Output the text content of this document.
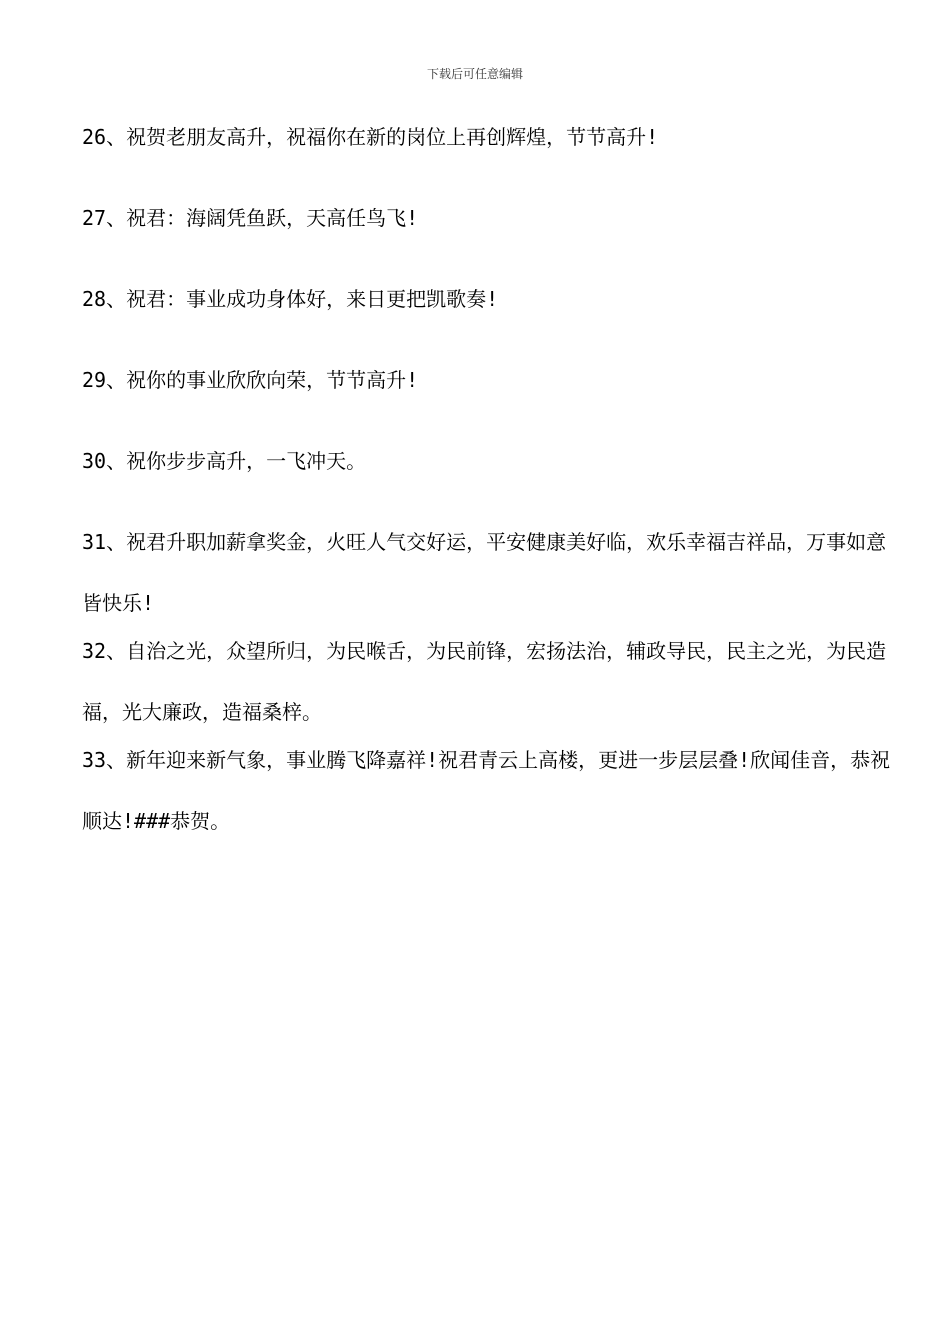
下载后可任意编辑

26、祝贺老朋友高升，祝福你在新的岗位上再创辉煌，节节高升!

27、祝君：海阔凭鱼跃，天高任鸟飞!

28、祝君：事业成功身体好，来日更把凯歌奏!

29、祝你的事业欣欣向荣，节节高升!

30、祝你步步高升，一飞冲天。

31、祝君升职加薪拿奖金，火旺人气交好运，平安健康美好临，欢乐幸福吉祥品，万事如意皆快乐!

32、自治之光，众望所归，为民喉舌，为民前锋，宏扬法治，辅政导民，民主之光，为民造福，光大廉政，造福桑梓。

33、新年迎来新气象，事业腾飞降嘉祥!祝君青云上高楼，更进一步层层叠!欣闻佳音，恭祝顺达!###恭贺。
